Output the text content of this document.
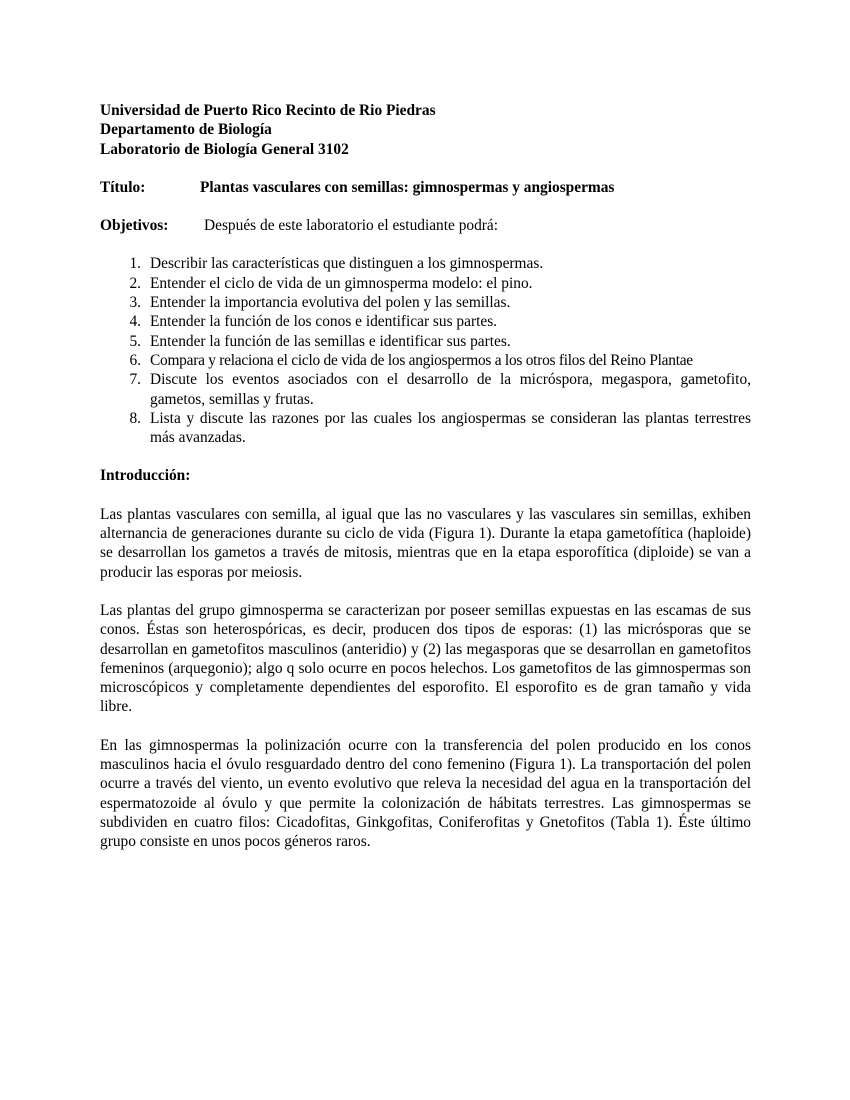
Universidad de Puerto Rico Recinto de Rio Piedras
Departamento de Biología
Laboratorio de Biología General 3102
Título:	Plantas vasculares con semillas: gimnospermas y angiospermas
Objetivos:	Después de este laboratorio el estudiante podrá:
1. Describir las características que distinguen a los gimnospermas.
2. Entender el ciclo de vida de un gimnosperma modelo: el pino.
3. Entender la importancia evolutiva del polen y las semillas.
4. Entender la función de los conos e identificar sus partes.
5. Entender la función de las semillas e identificar sus partes.
6. Compara y relaciona el ciclo de vida de los angiospermos a los otros filos del Reino Plantae
7. Discute los eventos asociados con el desarrollo de la micróspora, megaspora, gametofito, gametos, semillas y frutas.
8. Lista y discute las razones por las cuales los angiospermas se consideran las plantas terrestres más avanzadas.
Introducción:

Las plantas vasculares con semilla, al igual que las no vasculares y las vasculares sin semillas, exhiben alternancia de generaciones durante su ciclo de vida (Figura 1). Durante la etapa gametofítica (haploide) se desarrollan los gametos a través de mitosis, mientras que en la etapa esporofítica (diploide) se van a producir las esporas por meiosis.

Las plantas del grupo gimnosperma se caracterizan por poseer semillas expuestas en las escamas de sus conos. Éstas son heterospóricas, es decir, producen dos tipos de esporas: (1) las micrósporas que se desarrollan en gametofitos masculinos (anteridio) y (2) las megasporas que se desarrollan en gametofitos femeninos (arquegonio); algo q solo ocurre en pocos helechos. Los gametofitos de las gimnospermas son microscópicos y completamente dependientes del esporofito. El esporofito es de gran tamaño y vida libre.

En las gimnospermas la polinización ocurre con la transferencia del polen producido en los conos masculinos hacia el óvulo resguardado dentro del cono femenino (Figura 1). La transportación del polen ocurre a través del viento, un evento evolutivo que releva la necesidad del agua en la transportación del espermatozoide al óvulo y que permite la colonización de hábitats terrestres. Las gimnospermas se subdividen en cuatro filos: Cicadofitas, Ginkgofitas, Coniferofitas y Gnetofitos (Tabla 1). Éste último grupo consiste en unos pocos géneros raros.
